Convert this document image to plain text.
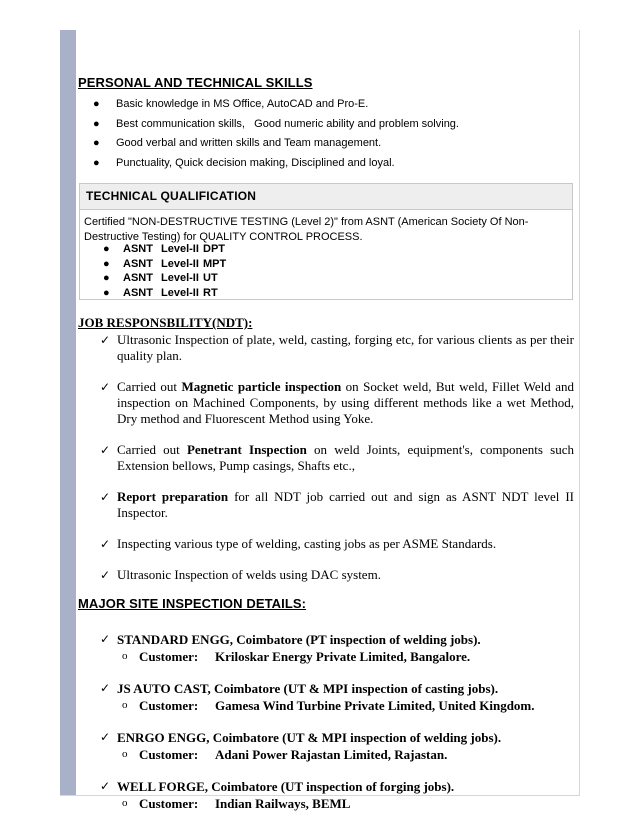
PERSONAL AND TECHNICAL SKILLS
● Basic knowledge in MS Office, AutoCAD and Pro-E.
● Best communication skills,   Good numeric ability and problem solving.
● Good verbal and written skills and Team management.
● Punctuality, Quick decision making, Disciplined and loyal.
TECHNICAL QUALIFICATION
Certified "NON-DESTRUCTIVE TESTING (Level 2)" from ASNT (American Society Of Non-Destructive Testing) for QUALITY CONTROL PROCESS.
● ASNT Level-II DPT
● ASNT Level-II MPT
● ASNT Level-II UT
● ASNT Level-II RT
JOB RESPONSBILITY(NDT):
✓ Ultrasonic Inspection of plate, weld, casting, forging etc, for various clients as per their quality plan.
✓ Carried out Magnetic particle inspection on Socket weld, But weld, Fillet Weld and inspection on Machined Components, by using different methods like a wet Method, Dry method and Fluorescent Method using Yoke.
✓ Carried out Penetrant Inspection on weld Joints, equipment's, components such Extension bellows, Pump casings, Shafts etc.,
✓ Report preparation for all NDT job carried out and sign as ASNT NDT level II Inspector.
✓ Inspecting various type of welding, casting jobs as per ASME Standards.
✓ Ultrasonic Inspection of welds using DAC system.
MAJOR SITE INSPECTION DETAILS:
✓ STANDARD ENGG, Coimbatore (PT inspection of welding jobs).
o Customer: Kriloskar Energy Private Limited, Bangalore.
✓ JS AUTO CAST, Coimbatore (UT & MPI inspection of casting jobs).
o Customer: Gamesa Wind Turbine Private Limited, United Kingdom.
✓ ENRGO ENGG, Coimbatore (UT & MPI inspection of welding jobs).
o Customer: Adani Power Rajastan Limited, Rajastan.
✓ WELL FORGE, Coimbatore (UT inspection of forging jobs).
o Customer: Indian Railways, BEML
